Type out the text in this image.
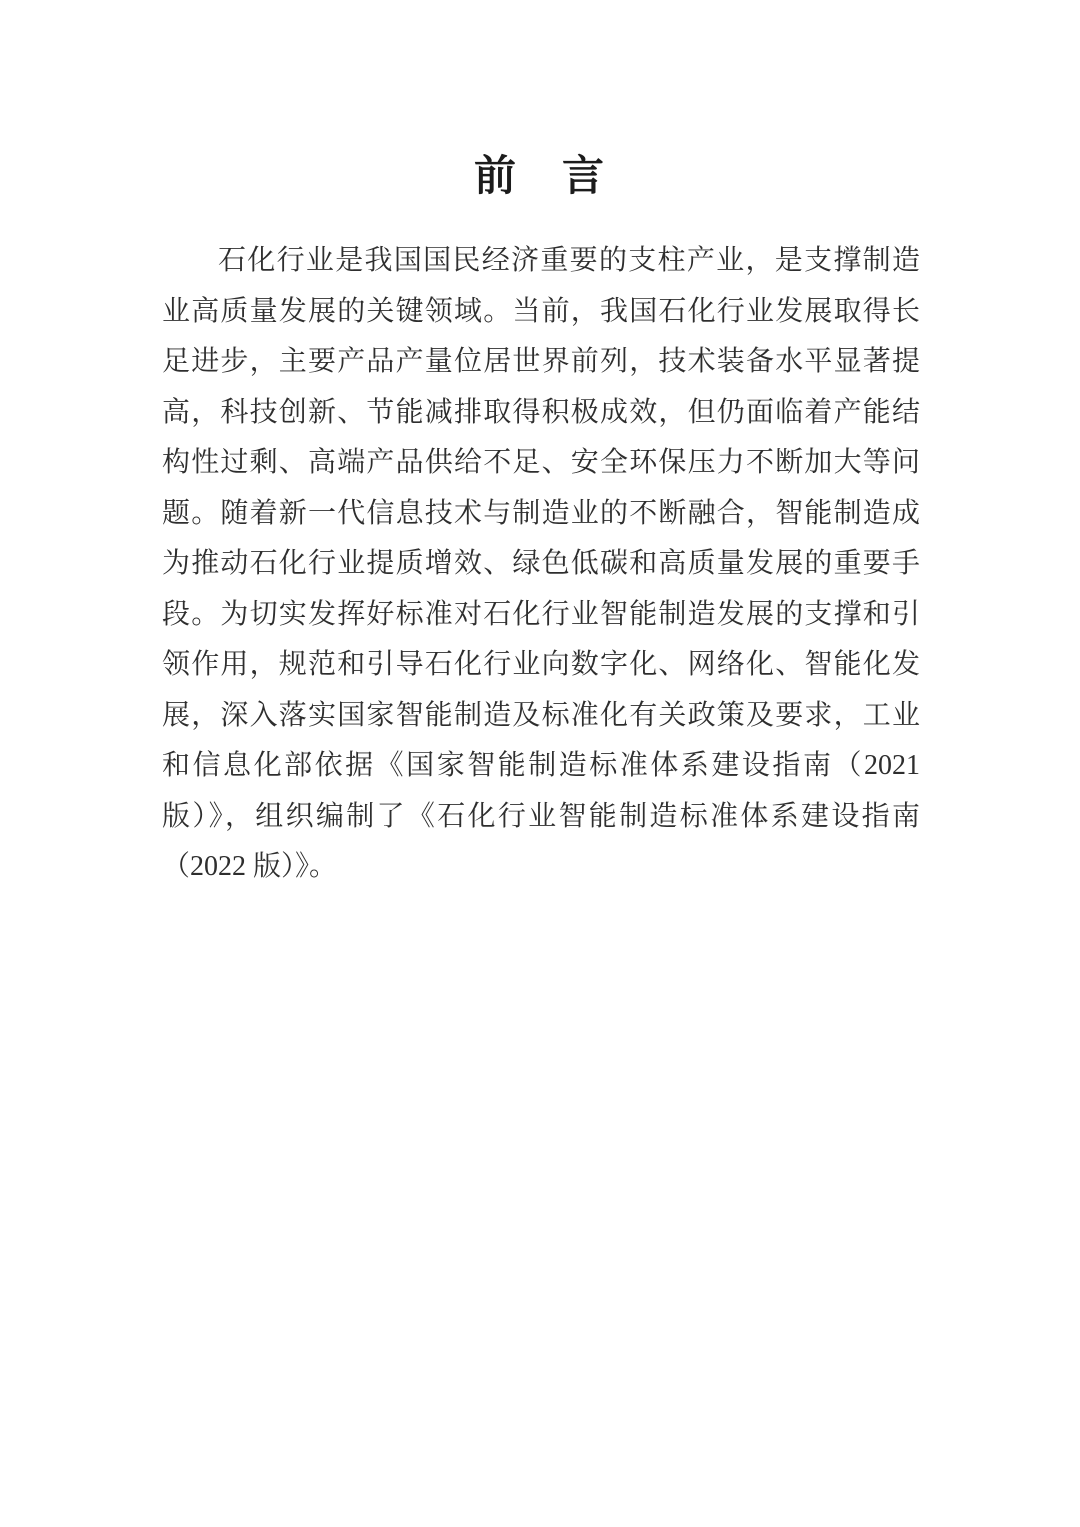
前　言
石化行业是我国国民经济重要的支柱产业，是支撑制造
业高质量发展的关键领域。当前，我国石化行业发展取得长
足进步，主要产品产量位居世界前列，技术装备水平显著提
高，科技创新、节能减排取得积极成效，但仍面临着产能结
构性过剩、高端产品供给不足、安全环保压力不断加大等问
题。随着新一代信息技术与制造业的不断融合，智能制造成
为推动石化行业提质增效、绿色低碳和高质量发展的重要手
段。为切实发挥好标准对石化行业智能制造发展的支撑和引
领作用，规范和引导石化行业向数字化、网络化、智能化发
展，深入落实国家智能制造及标准化有关政策及要求，工业
和信息化部依据《国家智能制造标准体系建设指南（2021
版）》，组织编制了《石化行业智能制造标准体系建设指南
（2022 版）》。
